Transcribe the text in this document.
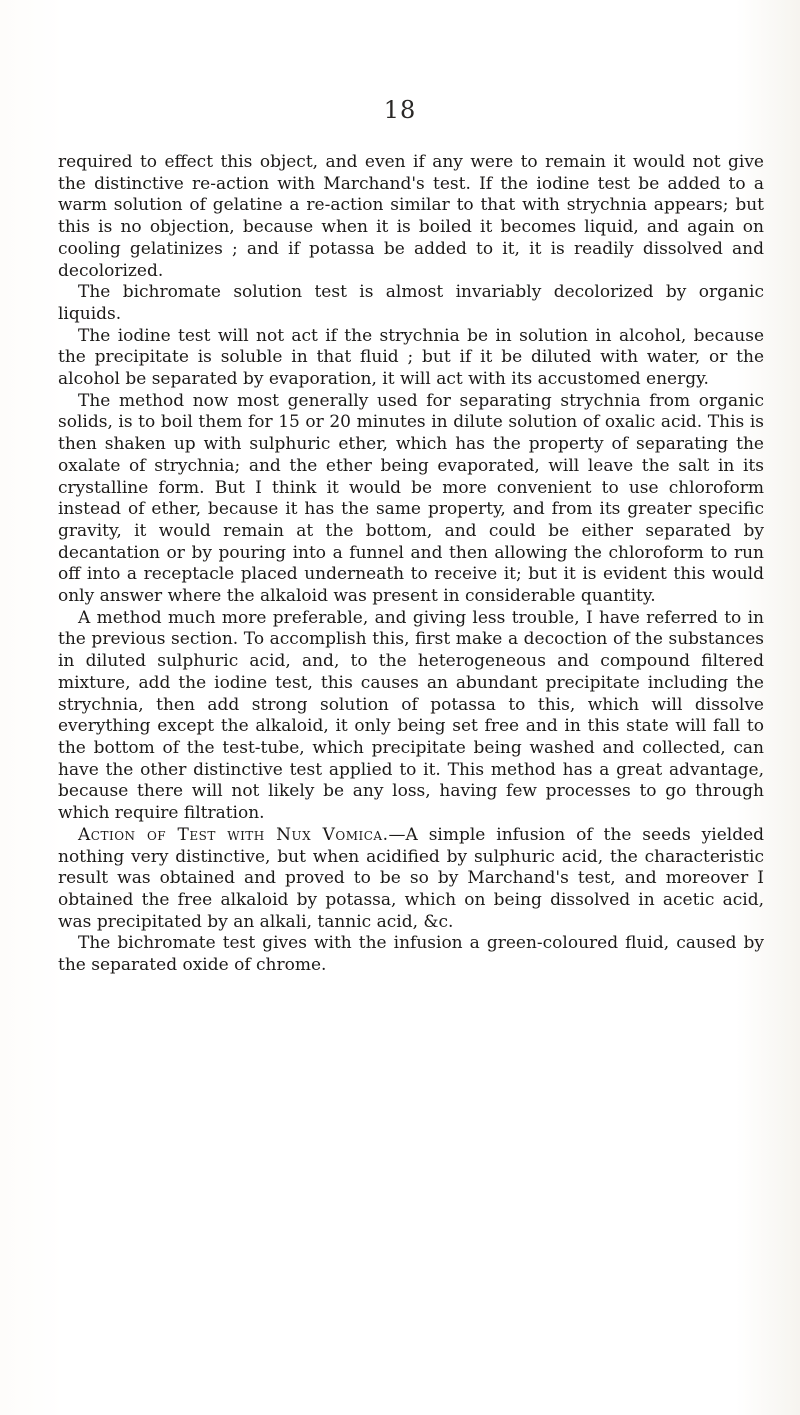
18

required to effect this object, and even if any were to remain it would not give the distinctive re-action with Marchand's test. If the iodine test be added to a warm solution of gelatine a re-action similar to that with strychnia appears; but this is no objection, because when it is boiled it becomes liquid, and again on cooling gelatinizes ; and if potassa be added to it, it is readily dissolved and decolorized.

The bichromate solution test is almost invariably decolorized by organic liquids.

The iodine test will not act if the strychnia be in solution in alcohol, because the precipitate is soluble in that fluid ; but if it be diluted with water, or the alcohol be separated by evaporation, it will act with its accustomed energy.

The method now most generally used for separating strychnia from organic solids, is to boil them for 15 or 20 minutes in dilute solution of oxalic acid. This is then shaken up with sulphuric ether, which has the property of separating the oxalate of strychnia; and the ether being evaporated, will leave the salt in its crystalline form. But I think it would be more convenient to use chloroform instead of ether, because it has the same property, and from its greater specific gravity, it would remain at the bottom, and could be either separated by decantation or by pouring into a funnel and then allowing the chloroform to run off into a receptacle placed underneath to receive it; but it is evident this would only answer where the alkaloid was present in considerable quantity.

A method much more preferable, and giving less trouble, I have referred to in the previous section. To accomplish this, first make a decoction of the substances in diluted sulphuric acid, and, to the heterogeneous and compound filtered mixture, add the iodine test, this causes an abundant precipitate including the strychnia, then add strong solution of potassa to this, which will dissolve everything except the alkaloid, it only being set free and in this state will fall to the bottom of the test-tube, which precipitate being washed and collected, can have the other distinctive test applied to it. This method has a great advantage, because there will not likely be any loss, having few processes to go through which require filtration.

Action of Test with Nux Vomica.—A simple infusion of the seeds yielded nothing very distinctive, but when acidified by sulphuric acid, the characteristic result was obtained and proved to be so by Marchand's test, and moreover I obtained the free alkaloid by potassa, which on being dissolved in acetic acid, was precipitated by an alkali, tannic acid, &c.

The bichromate test gives with the infusion a green-coloured fluid, caused by the separated oxide of chrome.
